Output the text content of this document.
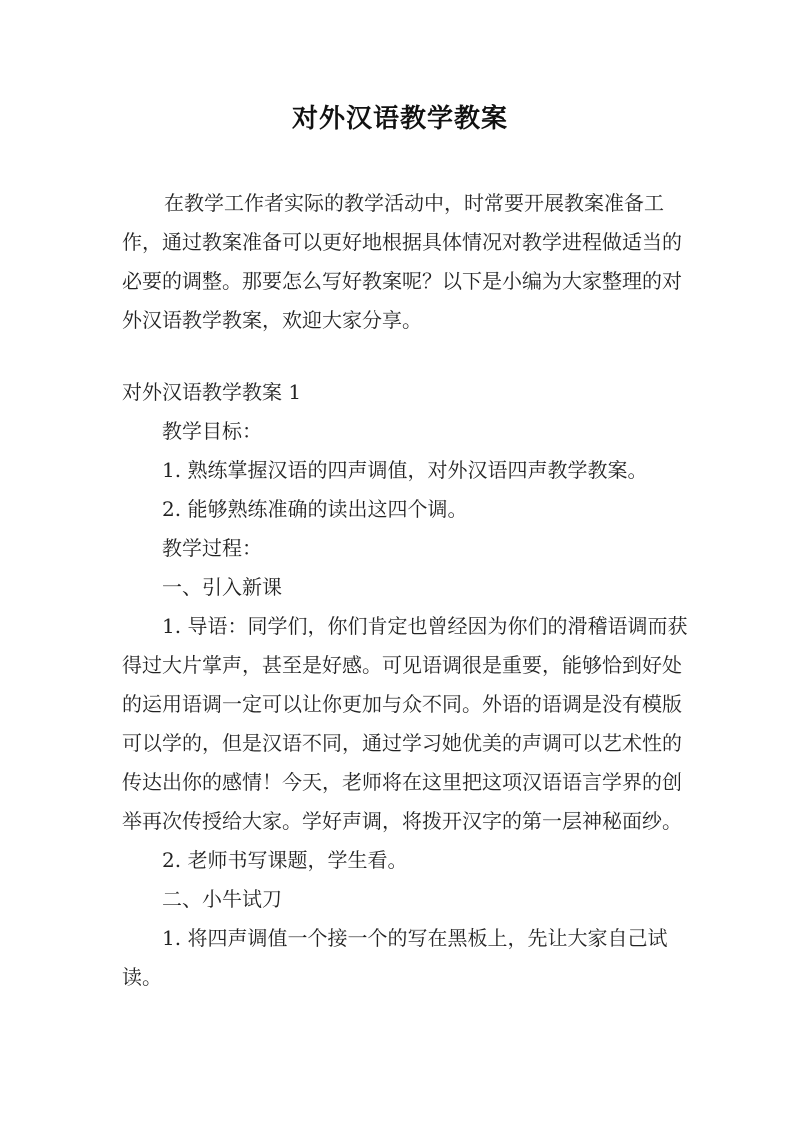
对外汉语教学教案

在教学工作者实际的教学活动中，时常要开展教案准备工作，通过教案准备可以更好地根据具体情况对教学进程做适当的必要的调整。那要怎么写好教案呢？以下是小编为大家整理的对外汉语教学教案，欢迎大家分享。

对外汉语教学教案 1

教学目标：

1. 熟练掌握汉语的四声调值，对外汉语四声教学教案。

2. 能够熟练准确的读出这四个调。

教学过程：

一、引入新课

1. 导语：同学们，你们肯定也曾经因为你们的滑稽语调而获得过大片掌声，甚至是好感。可见语调很是重要，能够恰到好处的运用语调一定可以让你更加与众不同。外语的语调是没有模版可以学的，但是汉语不同，通过学习她优美的声调可以艺术性的传达出你的感情！今天，老师将在这里把这项汉语语言学界的创举再次传授给大家。学好声调，将拨开汉字的第一层神秘面纱。

2. 老师书写课题，学生看。

二、小牛试刀

1. 将四声调值一个接一个的写在黑板上，先让大家自己试读。
